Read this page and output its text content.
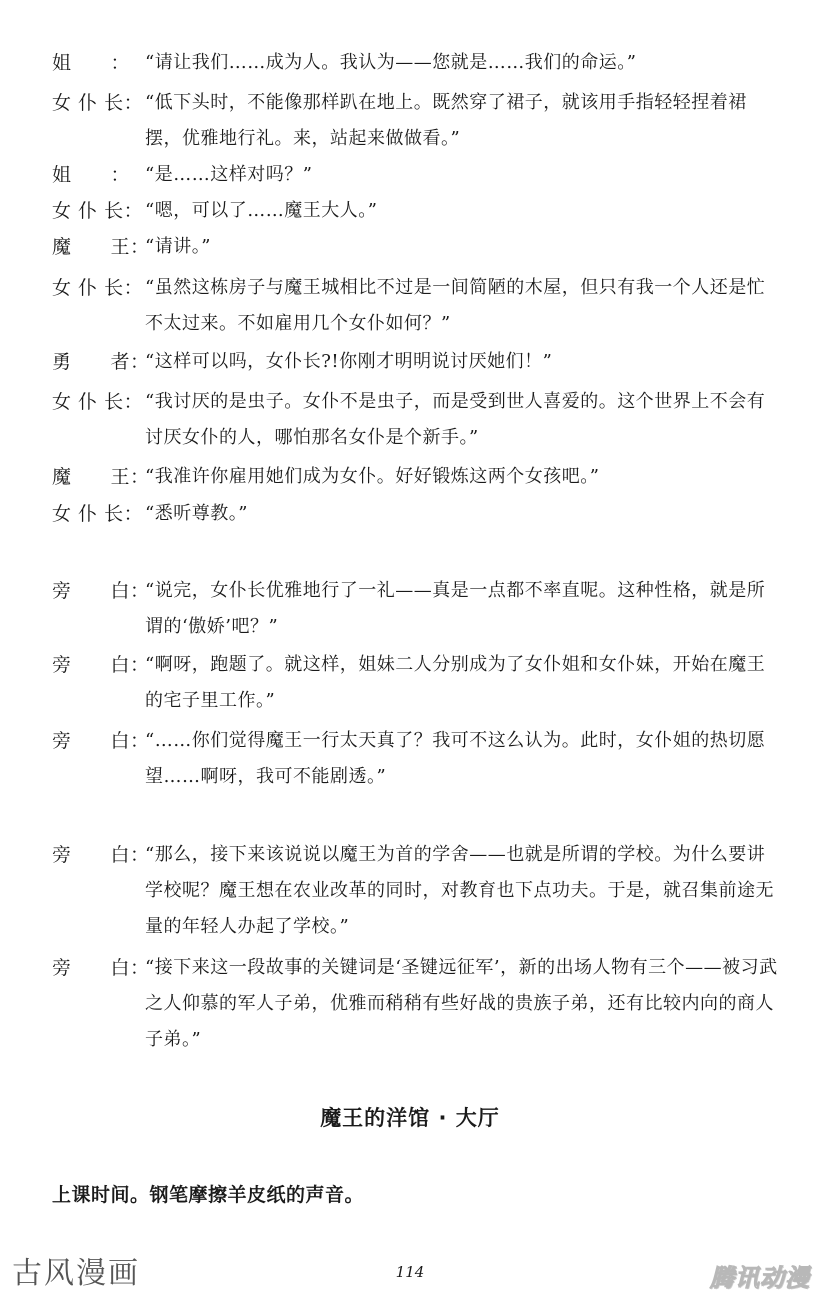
姐　　： “请让我们……成为人。我认为——您就是……我们的命运。”
女 仆 长： “低下头时，不能像那样趴在地上。既然穿了裙子，就该用手指轻轻捏着裙摆，优雅地行礼。来，站起来做做看。”
姐　　： “是……这样对吗？”
女 仆 长： “嗯，可以了……魔王大人。”
魔　　王：
“请讲。”
女 仆 长： “虽然这栋房子与魔王城相比不过是一间简陋的木屋，但只有我一个人还是忙不太过来。不如雇用几个女仆如何？”
勇　　者：
“这样可以吗，女仆长?!你刚才明明说讨厌她们！”
女 仆 长： “我讨厌的是虫子。女仆不是虫子，而是受到世人喜爱的。这个世界上不会有讨厌女仆的人，哪怕那名女仆是个新手。”
魔　　王：
“我准许你雇用她们成为女仆。好好锻炼这两个女孩吧。”
女 仆 长： “悉听尊教。”
旁　　白：
“说完，女仆长优雅地行了一礼——真是一点都不率直呢。这种性格，就是所谓的‘傲娇’吧？”
旁　　白：
“啊呀，跑题了。就这样，姐妹二人分别成为了女仆姐和女仆妹，开始在魔王的宅子里工作。”
旁　　白：
“……你们觉得魔王一行太天真了？我可不这么认为。此时，女仆姐的热切愿望……啊呀，我可不能剧透。”
旁　　白：
“那么，接下来该说说以魔王为首的学舍——也就是所谓的学校。为什么要讲学校呢？魔王想在农业改革的同时，对教育也下点功夫。于是，就召集前途无量的年轻人办起了学校。”
旁　　白：
“接下来这一段故事的关键词是‘圣键远征军’，新的出场人物有三个——被习武之人仰慕的军人子弟，优雅而稍稍有些好战的贵族子弟，还有比较内向的商人子弟。”
魔王的洋馆 · 大厅
上课时间。钢笔摩擦羊皮纸的声音。
古风漫画	114	腾讯动漫
